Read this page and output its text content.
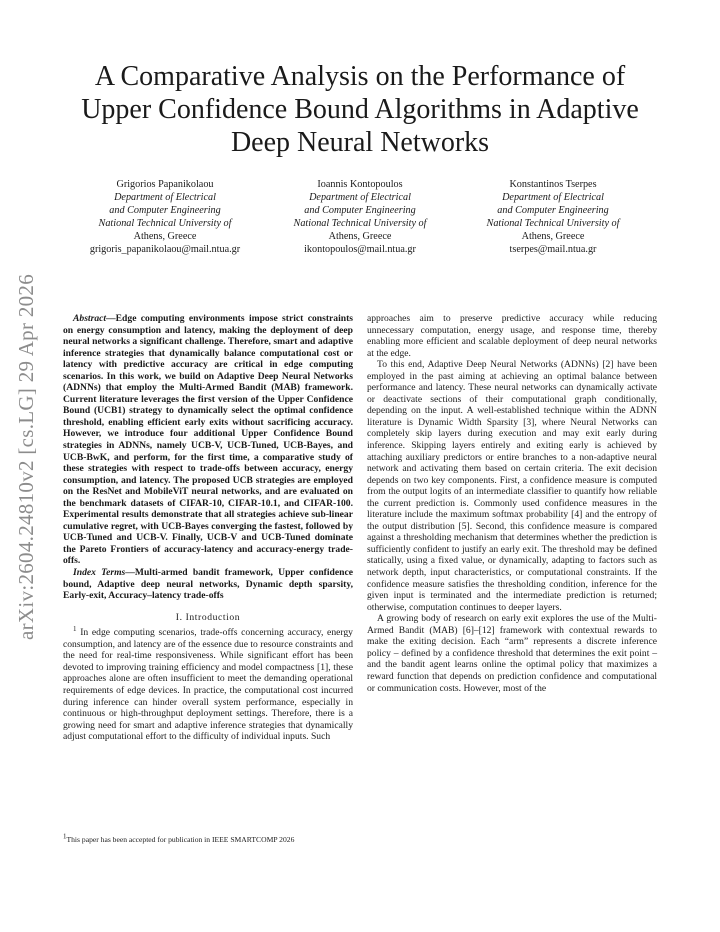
arXiv:2604.24810v2 [cs.LG] 29 Apr 2026
A Comparative Analysis on the Performance of Upper Confidence Bound Algorithms in Adaptive Deep Neural Networks
Grigorios Papanikolaou
Department of Electrical
and Computer Engineering
National Technical University of
Athens, Greece
grigoris_papanikolaou@mail.ntua.gr
Ioannis Kontopoulos
Department of Electrical
and Computer Engineering
National Technical University of
Athens, Greece
ikontopoulos@mail.ntua.gr
Konstantinos Tserpes
Department of Electrical
and Computer Engineering
National Technical University of
Athens, Greece
tserpes@mail.ntua.gr

Abstract—Edge computing environments impose strict constraints on energy consumption and latency, making the deployment of deep neural networks a significant challenge. Therefore, smart and adaptive inference strategies that dynamically balance computational cost or latency with predictive accuracy are critical in edge computing scenarios. In this work, we build on Adaptive Deep Neural Networks (ADNNs) that employ the Multi-Armed Bandit (MAB) framework. Current literature leverages the first version of the Upper Confidence Bound (UCB1) strategy to dynamically select the optimal confidence threshold, enabling efficient early exits without sacrificing accuracy. However, we introduce four additional Upper Confidence Bound strategies in ADNNs, namely UCB-V, UCB-Tuned, UCB-Bayes, and UCB-BwK, and perform, for the first time, a comparative study of these strategies with respect to trade-offs between accuracy, energy consumption, and latency. The proposed UCB strategies are employed on the ResNet and MobileViT neural networks, and are evaluated on the benchmark datasets of CIFAR-10, CIFAR-10.1, and CIFAR-100. Experimental results demonstrate that all strategies achieve sub-linear cumulative regret, with UCB-Bayes converging the fastest, followed by UCB-Tuned and UCB-V. Finally, UCB-V and UCB-Tuned dominate the Pareto Frontiers of accuracy-latency and accuracy-energy trade-offs.

Index Terms—Multi-armed bandit framework, Upper confidence bound, Adaptive deep neural networks, Dynamic depth sparsity, Early-exit, Accuracy–latency trade-offs

I. Introduction

$^1$ In edge computing scenarios, trade-offs concerning accuracy, energy consumption, and latency are of the essence due to resource constraints and the need for real-time responsiveness. While significant effort has been devoted to improving training efficiency and model compactness [1], these approaches alone are often insufficient to meet the demanding operational requirements of edge devices. In practice, the computational cost incurred during inference can hinder overall system performance, especially in continuous or high-throughput deployment settings. Therefore, there is a growing need for smart and adaptive inference strategies that dynamically adjust computational effort to the difficulty of individual inputs. Such

approaches aim to preserve predictive accuracy while reducing unnecessary computation, energy usage, and response time, thereby enabling more efficient and scalable deployment of deep neural networks at the edge.

To this end, Adaptive Deep Neural Networks (ADNNs) [2] have been employed in the past aiming at achieving an optimal balance between performance and latency. These neural networks can dynamically activate or deactivate sections of their computational graph conditionally, depending on the input. A well-established technique within the ADNN literature is Dynamic Width Sparsity [3], where Neural Networks can completely skip layers during execution and may exit early during inference. Skipping layers entirely and exiting early is achieved by attaching auxiliary predictors or entire branches to a non-adaptive neural network and activating them based on certain criteria. The exit decision depends on two key components. First, a confidence measure is computed from the output logits of an intermediate classifier to quantify how reliable the current prediction is. Commonly used confidence measures in the literature include the maximum softmax probability [4] and the entropy of the output distribution [5]. Second, this confidence measure is compared against a thresholding mechanism that determines whether the prediction is sufficiently confident to justify an early exit. The threshold may be defined statically, using a fixed value, or dynamically, adapting to factors such as network depth, input characteristics, or computational constraints. If the confidence measure satisfies the thresholding condition, inference for the given input is terminated and the intermediate prediction is returned; otherwise, computation continues to deeper layers.

A growing body of research on early exit explores the use of the Multi-Armed Bandit (MAB) [6]–[12] framework with contextual rewards to make the exiting decision. Each “arm” represents a discrete inference policy – defined by a confidence threshold that determines the exit point – and the bandit agent learns online the optimal policy that maximizes a reward function that depends on prediction confidence and computational or communication costs. However, most of the

1This paper has been accepted for publication in IEEE SMARTCOMP 2026
